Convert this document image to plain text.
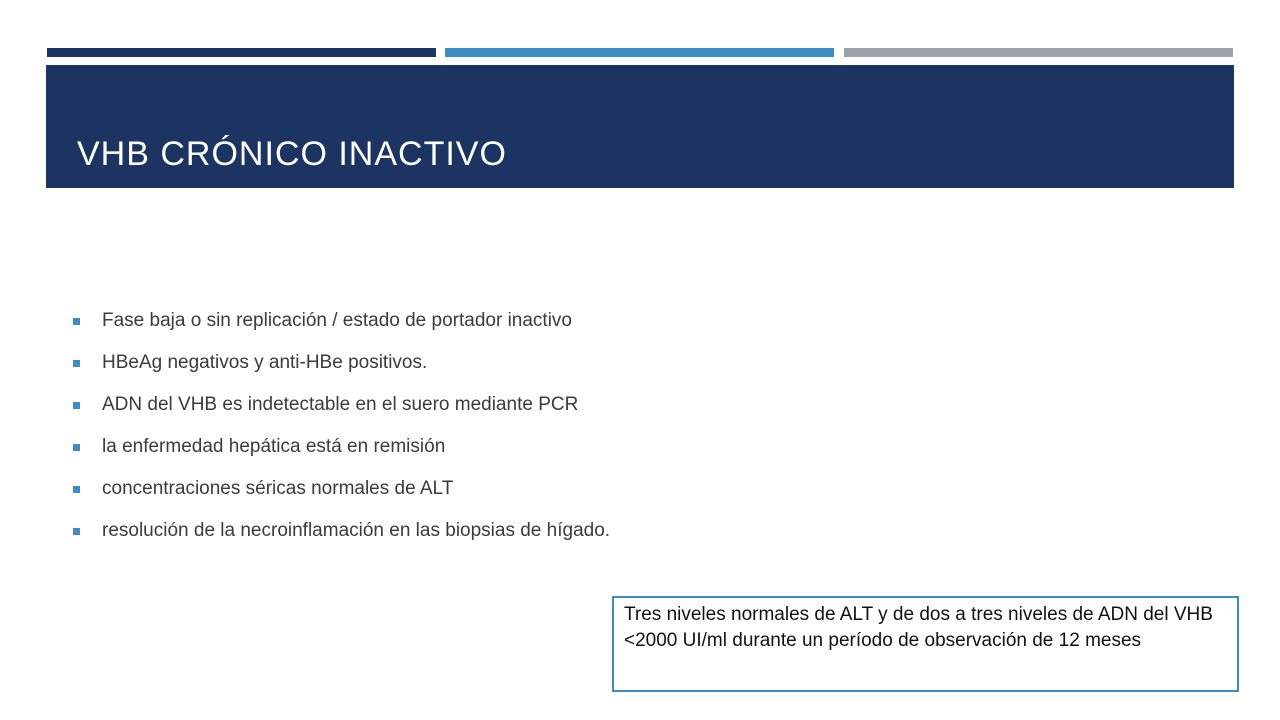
VHB CRÓNICO INACTIVO
Fase baja o sin replicación / estado de portador inactivo
HBeAg negativos y anti-HBe positivos.
ADN del VHB es indetectable en el suero mediante PCR
la enfermedad hepática está en remisión
concentraciones séricas normales de ALT
resolución de la necroinflamación en las biopsias de hígado.
Tres niveles normales de ALT y de dos a tres niveles de ADN del VHB <2000 UI/ml durante un período de observación de 12 meses
